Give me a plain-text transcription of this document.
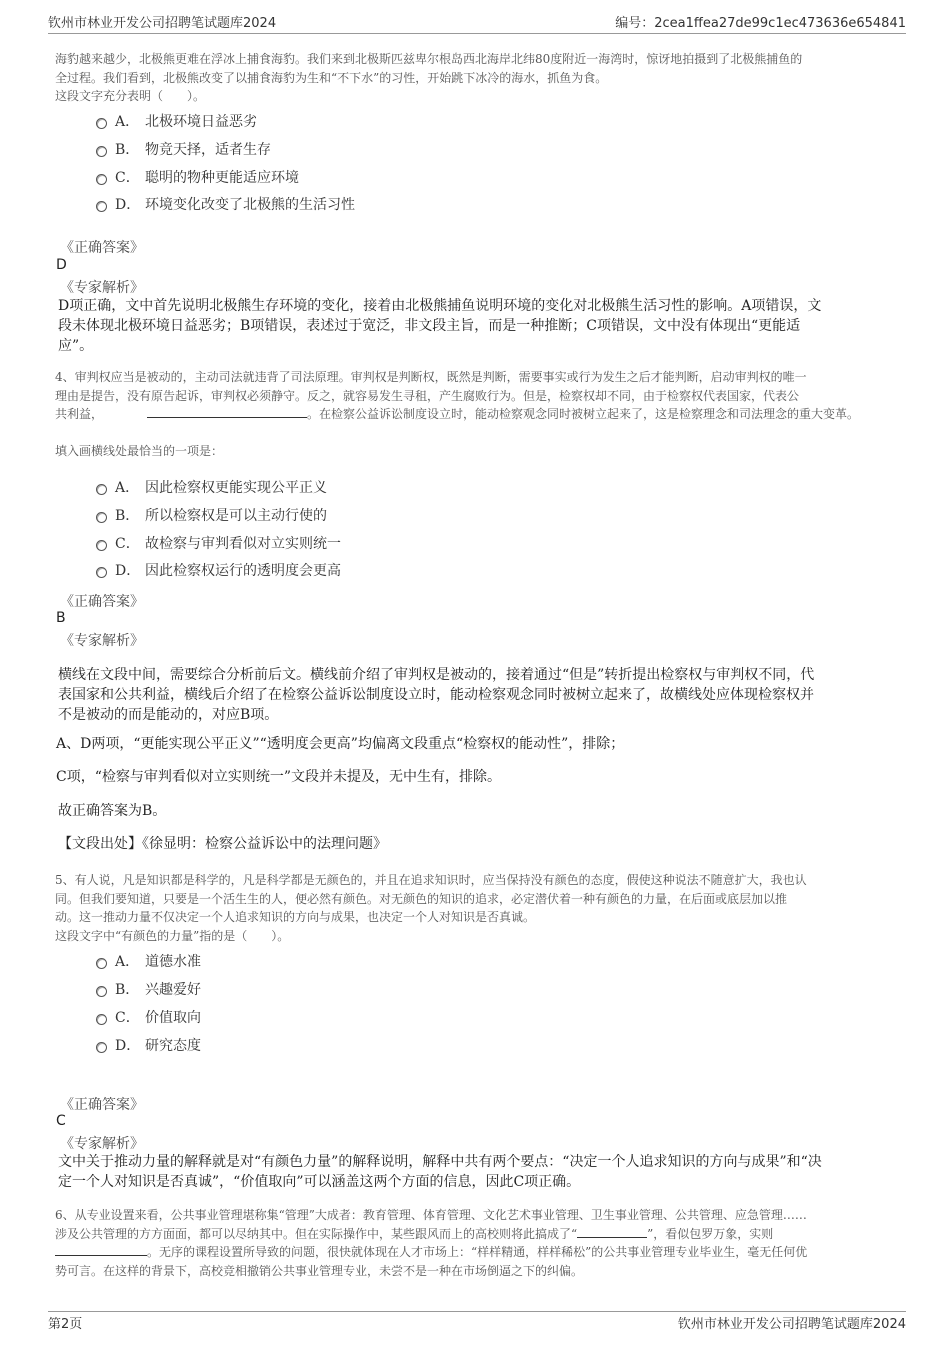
钦州市林业开发公司招聘笔试题库2024	编号：2cea1ffea27de99c1ec473636e654841

海豹越来越少，北极熊更难在浮冰上捕食海豹。我们来到北极斯匹兹卑尔根岛西北海岸北纬80度附近一海湾时，惊讶地拍摄到了北极熊捕鱼的

全过程。我们看到，北极熊改变了以捕食海豹为生和“不下水”的习性，开始跳下冰冷的海水，抓鱼为食。

这段文字充分表明（　　）。

A． 北极环境日益恶劣
B． 物竞天择，适者生存
C． 聪明的物种更能适应环境
D． 环境变化改变了北极熊的生活习性
《正确答案》
D
《专家解析》

D项正确，文中首先说明北极熊生存环境的变化，接着由北极熊捕鱼说明环境的变化对北极熊生活习性的影响。A项错误，文

段未体现北极环境日益恶劣；B项错误，表述过于宽泛，非文段主旨，而是一种推断；C项错误，文中没有体现出“更能适

应”。

4、审判权应当是被动的，主动司法就违背了司法原理。审判权是判断权，既然是判断，需要事实或行为发生之后才能判断，启动审判权的唯一

理由是提告，没有原告起诉，审判权必须静守。反之，就容易发生寻租，产生腐败行为。但是，检察权却不同，由于检察权代表国家，代表公

共利益，	。在检察公益诉讼制度设立时，能动检察观念同时被树立起来了，这是检察理念和司法理念的重大变革。

填入画横线处最恰当的一项是：
A． 因此检察权更能实现公平正义
B． 所以检察权是可以主动行使的
C． 故检察与审判看似对立实则统一
D． 因此检察权运行的透明度会更高
《正确答案》
B
《专家解析》

横线在文段中间，需要综合分析前后文。横线前介绍了审判权是被动的，接着通过“但是”转折提出检察权与审判权不同，代

表国家和公共利益，横线后介绍了在检察公益诉讼制度设立时，能动检察观念同时被树立起来了，故横线处应体现检察权并

不是被动的而是能动的，对应B项。

A、D两项，“更能实现公平正义”“透明度会更高”均偏离文段重点“检察权的能动性”，排除；
C项，“检察与审判看似对立实则统一”文段并未提及，无中生有，排除。
故正确答案为B。
【文段出处】《徐显明：检察公益诉讼中的法理问题》

5、有人说，凡是知识都是科学的，凡是科学都是无颜色的，并且在追求知识时，应当保持没有颜色的态度，假使这种说法不随意扩大，我也认

同。但我们要知道，只要是一个活生生的人，便必然有颜色。对无颜色的知识的追求，必定潜伏着一种有颜色的力量，在后面或底层加以推

动。这一推动力量不仅决定一个人追求知识的方向与成果，也决定一个人对知识是否真诚。

这段文字中“有颜色的力量”指的是（　　）。

A． 道德水准
B． 兴趣爱好
C． 价值取向
D． 研究态度
《正确答案》
C
《专家解析》

文中关于推动力量的解释就是对“有颜色力量”的解释说明，解释中共有两个要点：“决定一个人追求知识的方向与成果”和“决

定一个人对知识是否真诚”，“价值取向”可以涵盖这两个方面的信息，因此C项正确。

6、从专业设置来看，公共事业管理堪称集“管理”大成者：教育管理、体育管理、文化艺术事业管理、卫生事业管理、公共管理、应急管理……

涉及公共管理的方方面面，都可以尽纳其中。但在实际操作中，某些跟风而上的高校则将此搞成了“	”，看似包罗万象，实则

。无序的课程设置所导致的问题，很快就体现在人才市场上：“样样精通，样样稀松”的公共事业管理专业毕业生，毫无任何优

势可言。在这样的背景下，高校竞相撤销公共事业管理专业，未尝不是一种在市场倒逼之下的纠偏。

第2页	钦州市林业开发公司招聘笔试题库2024
